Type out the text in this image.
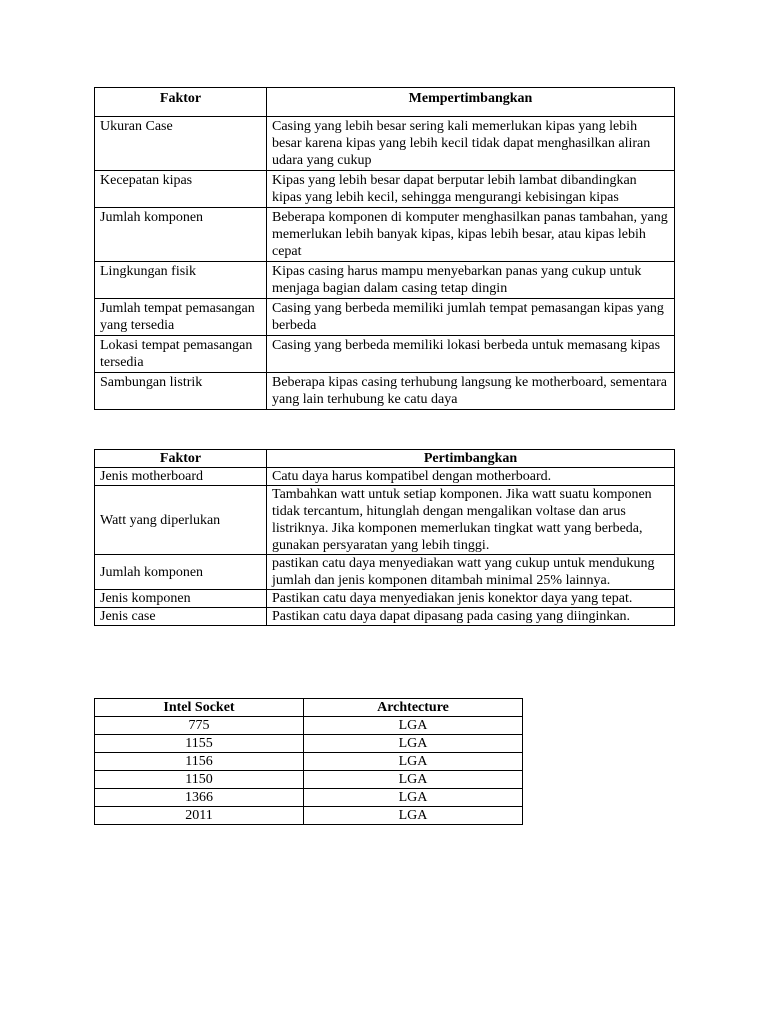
Faktor	Mempertimbangkan
Ukuran Case	Casing yang lebih besar sering kali memerlukan kipas yang lebih besar karena kipas yang lebih kecil tidak dapat menghasilkan aliran udara yang cukup
Kecepatan kipas	Kipas yang lebih besar dapat berputar lebih lambat dibandingkan kipas yang lebih kecil, sehingga mengurangi kebisingan kipas
Jumlah komponen	Beberapa komponen di komputer menghasilkan panas tambahan, yang memerlukan lebih banyak kipas, kipas lebih besar, atau kipas lebih cepat
Lingkungan fisik	Kipas casing harus mampu menyebarkan panas yang cukup untuk menjaga bagian dalam casing tetap dingin
Jumlah tempat pemasangan yang tersedia	Casing yang berbeda memiliki jumlah tempat pemasangan kipas yang berbeda
Lokasi tempat pemasangan tersedia	Casing yang berbeda memiliki lokasi berbeda untuk memasang kipas
Sambungan listrik	Beberapa kipas casing terhubung langsung ke motherboard, sementara yang lain terhubung ke catu daya
Faktor	Pertimbangkan
Jenis motherboard	Catu daya harus kompatibel dengan motherboard.
Watt yang diperlukan	Tambahkan watt untuk setiap komponen. Jika watt suatu komponen tidak tercantum, hitunglah dengan mengalikan voltase dan arus listriknya. Jika komponen memerlukan tingkat watt yang berbeda, gunakan persyaratan yang lebih tinggi.
Jumlah komponen	pastikan catu daya menyediakan watt yang cukup untuk mendukung jumlah dan jenis komponen ditambah minimal 25% lainnya.
Jenis komponen	Pastikan catu daya menyediakan jenis konektor daya yang tepat.
Jenis case	Pastikan catu daya dapat dipasang pada casing yang diinginkan.
Intel Socket	Archtecture
775	LGA
1155	LGA
1156	LGA
1150	LGA
1366	LGA
2011	LGA
